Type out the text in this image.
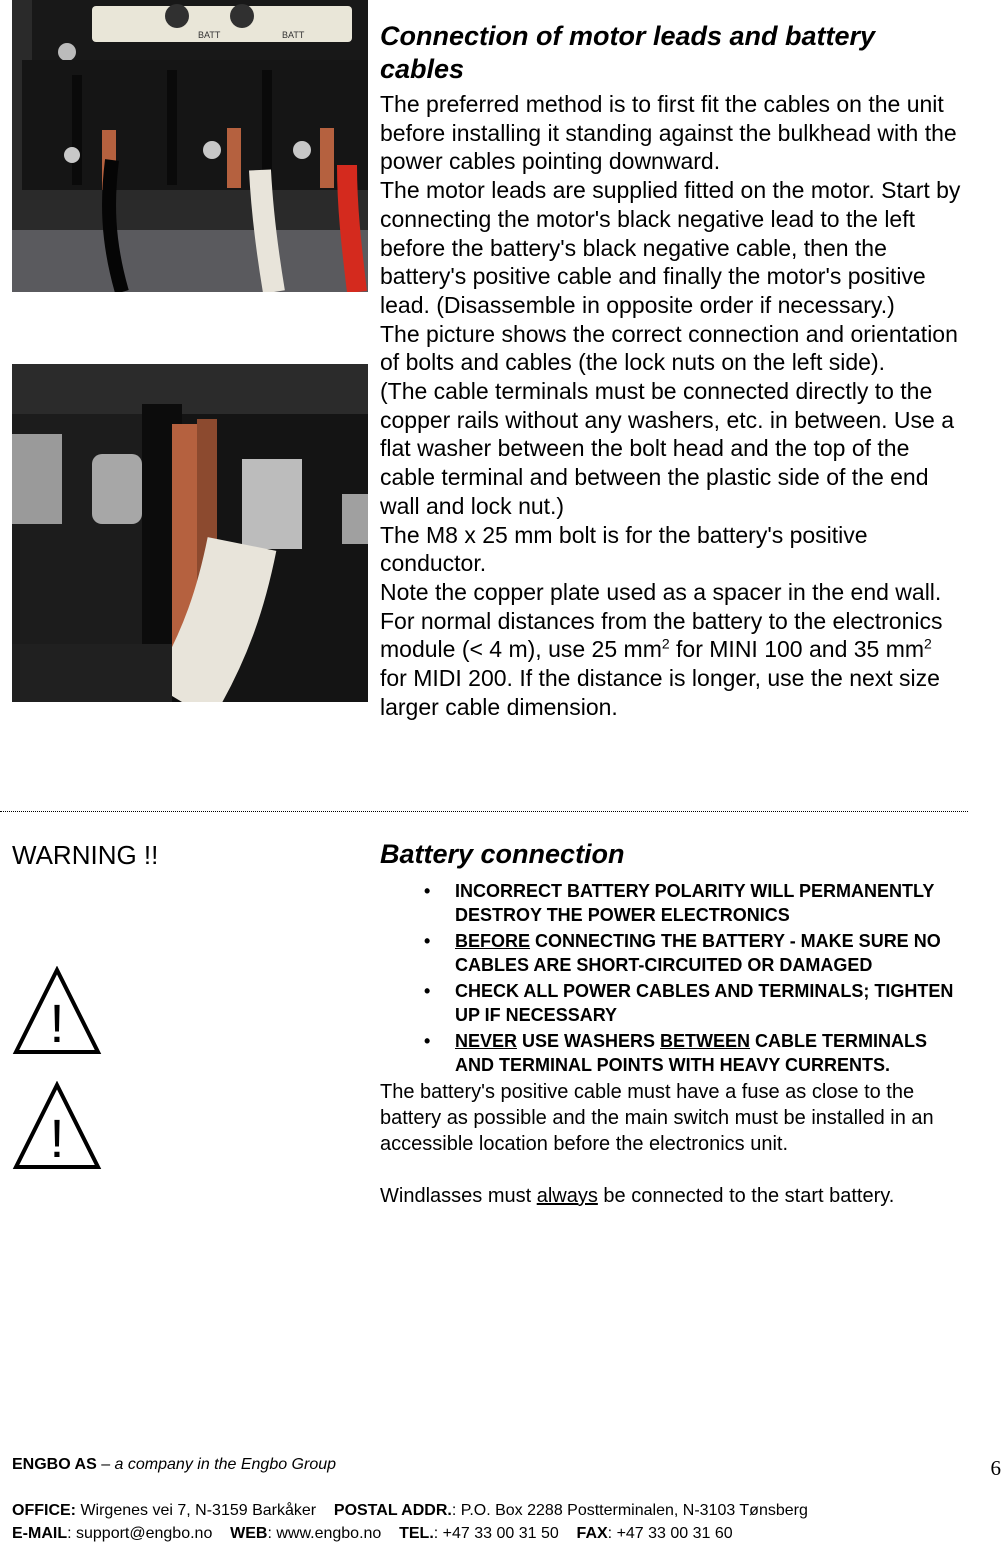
BATT	BATT	Connection of motor leads and battery cables

The preferred method is to first fit the cables on the unit before installing it standing against the bulkhead with the power cables pointing downward.

The motor leads are supplied fitted on the motor. Start by connecting the motor's black negative lead to the left before the battery's black negative cable, then the battery's positive cable and finally the motor's positive lead. (Disassemble in opposite order if necessary.)

The picture shows the correct connection and orientation of bolts and cables (the lock nuts on the left side).

(The cable terminals must be connected directly to the copper rails without any washers, etc. in between. Use a flat washer between the bolt head and the top of the cable terminal and between the plastic side of the end wall and lock nut.)

The M8 x 25 mm bolt is for the battery's positive conductor.

Note the copper plate used as a spacer in the end wall.

For normal distances from the battery to the electronics module (< 4 m), use 25 $mm^2$ for MINI 100 and 35 $mm^2$ for MIDI 200. If the distance is longer, use the next size larger cable dimension.

WARNING !!
!
!
Battery connection
• INCORRECT BATTERY POLARITY WILL PERMANENTLY DESTROY THE POWER ELECTRONICS
• BEFORE CONNECTING THE BATTERY - MAKE SURE NO CABLES ARE SHORT-CIRCUITED OR DAMAGED
• CHECK ALL POWER CABLES AND TERMINALS; TIGHTEN UP IF NECESSARY
• NEVER USE WASHERS BETWEEN CABLE TERMINALS AND TERMINAL POINTS WITH HEAVY CURRENTS.

The battery's positive cable must have a fuse as close to the battery as possible and the main switch must be installed in an accessible location before the electronics unit.

Windlasses must always be connected to the start battery.

ENGBO AS – a company in the Engbo Group

OFFICE: Wirgenes vei 7, N-3159 Barkåker POSTAL ADDR.: P.O. Box 2288 Postterminalen, N-3103 Tønsberg

E-MAIL: support@engbo.no WEB: www.engbo.no TEL.: +47 33 00 31 50 FAX: +47 33 00 31 60

6
